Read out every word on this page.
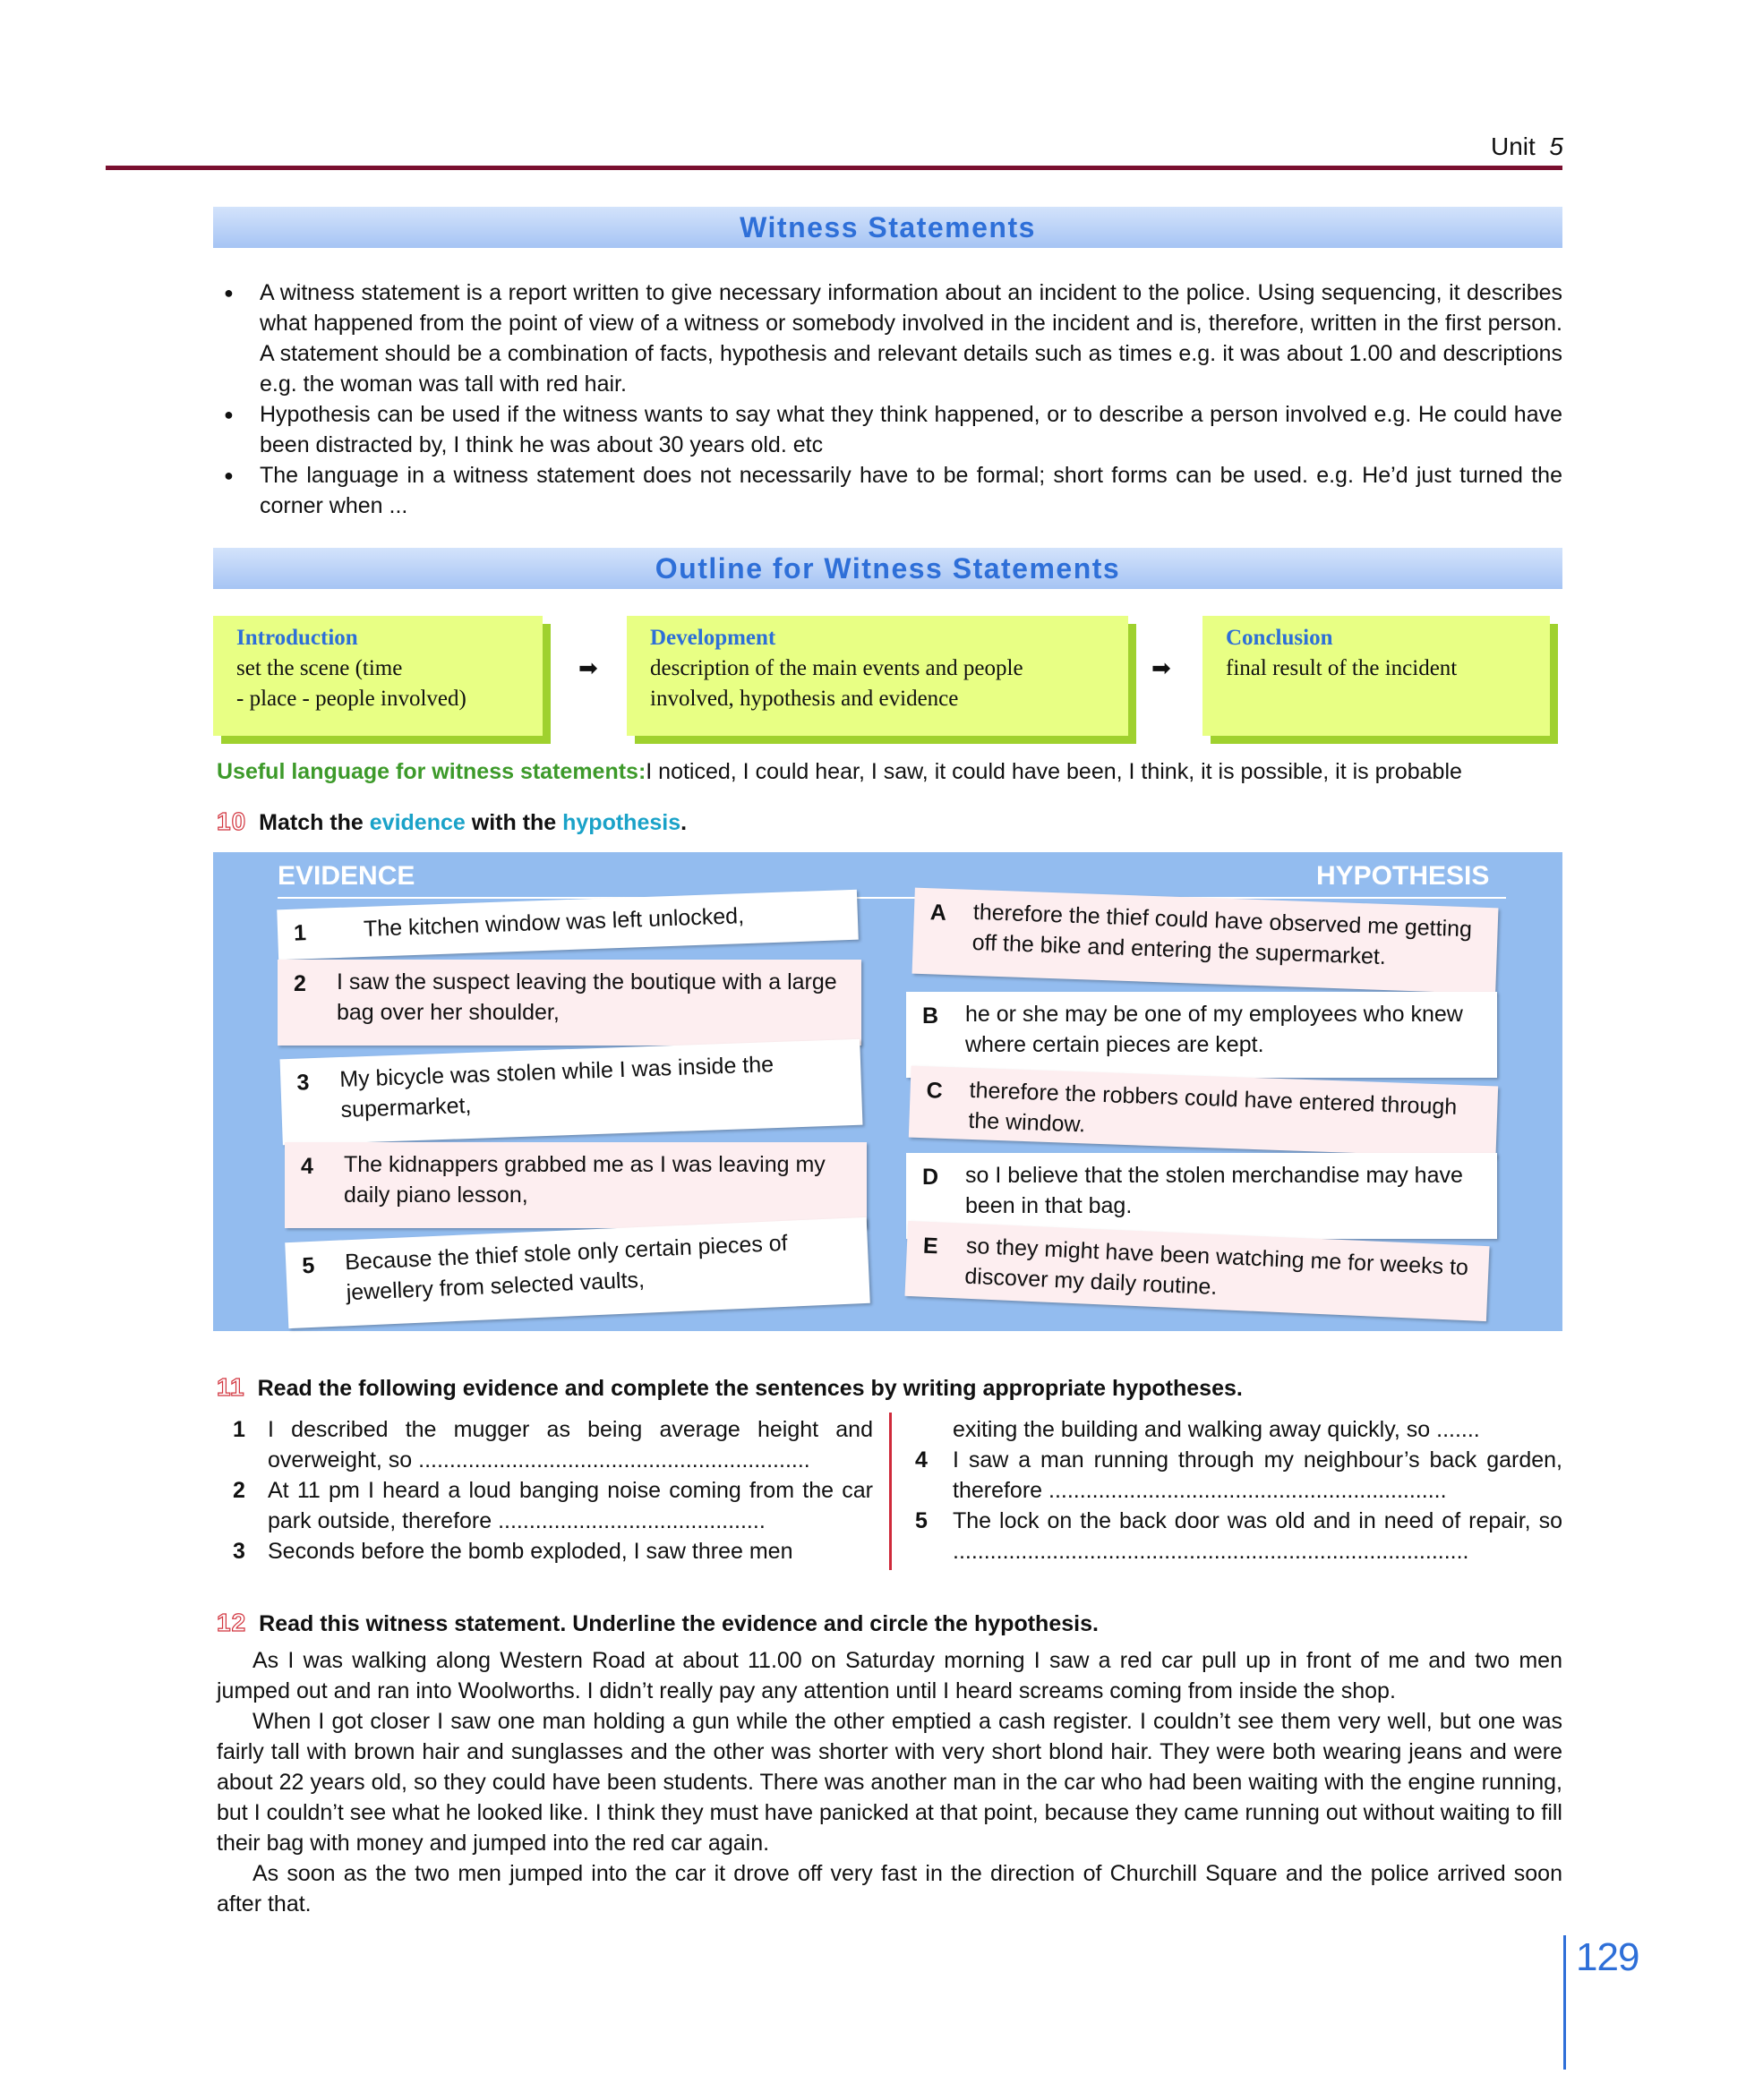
Unit 5
Witness Statements
● A witness statement is a report written to give necessary information about an incident to the police. Using sequencing, it describes what happened from the point of view of a witness or somebody involved in the incident and is, therefore, written in the first person. A statement should be a combination of facts, hypothesis and relevant details such as times e.g. it was about 1.00 and descriptions e.g. the woman was tall with red hair.
● Hypothesis can be used if the witness wants to say what they think happened, or to describe a person involved e.g. He could have been distracted by, I think he was about 30 years old. etc
● The language in a witness statement does not necessarily have to be formal; short forms can be used. e.g. He’d just turned the corner when ...
Outline for Witness Statements
Introduction
set the scene (time
- place - people involved)
➡
Development
description of the main events and people
involved, hypothesis and evidence
➡
Conclusion
final result of the incident
Useful language for witness statements:I noticed, I could hear, I saw, it could have been, I think, it is possible, it is probable
10 Match the evidence with the hypothesis.
EVIDENCE	HYPOTHESIS
1	The kitchen window was left unlocked,
2 I saw the suspect leaving the boutique with a large bag over her shoulder,
3 My bicycle was stolen while I was inside the supermarket,
4 The kidnappers grabbed me as I was leaving my daily piano lesson,
5 Because the thief stole only certain pieces of jewellery from selected vaults,
A therefore the thief could have observed me getting off the bike and entering the supermarket.
B he or she may be one of my employees who knew where certain pieces are kept.
C therefore the robbers could have entered through the window.
D so I believe that the stolen merchandise may have been in that bag.
E so they might have been watching me for weeks to discover my daily routine.
11 Read the following evidence and complete the sentences by writing appropriate hypotheses.
1 I described the mugger as being average height and overweight, so ...............................................................
2 At 11 pm I heard a loud banging noise coming from the car park outside, therefore ...........................................
3 Seconds before the bomb exploded, I saw three men
exiting the building and walking away quickly, so .......
4 I saw a man running through my neighbour’s back garden, therefore ................................................................
5 The lock on the back door was old and in need of repair, so ...................................................................................
12 Read this witness statement. Underline the evidence and circle the hypothesis.

As I was walking along Western Road at about 11.00 on Saturday morning I saw a red car pull up in front of me and two men jumped out and ran into Woolworths. I didn’t really pay any attention until I heard screams coming from inside the shop.

When I got closer I saw one man holding a gun while the other emptied a cash register. I couldn’t see them very well, but one was fairly tall with brown hair and sunglasses and the other was shorter with very short blond hair. They were both wearing jeans and were about 22 years old, so they could have been students. There was another man in the car who had been waiting with the engine running, but I couldn’t see what he looked like. I think they must have panicked at that point, because they came running out without waiting to fill their bag with money and jumped into the red car again.

As soon as the two men jumped into the car it drove off very fast in the direction of Churchill Square and the police arrived soon after that.

129
